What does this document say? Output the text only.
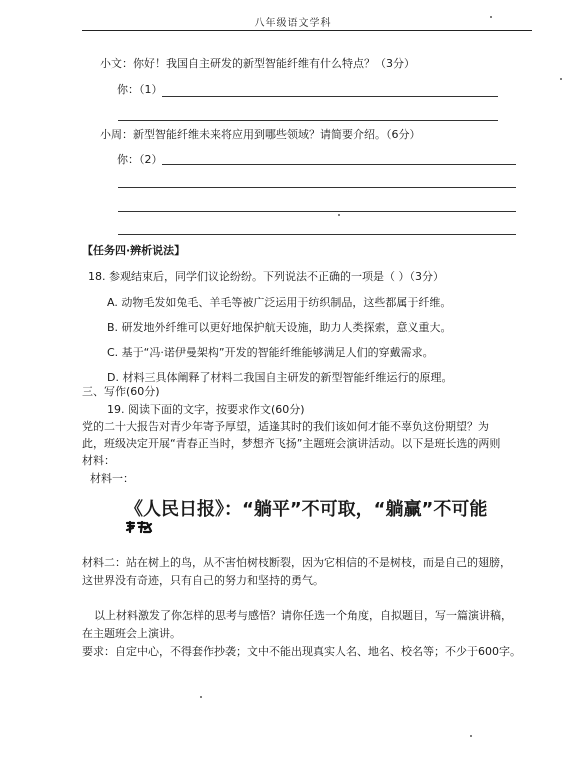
八年级语文学科
小文：你好！我国自主研发的新型智能纤维有什么特点？（3分）
你：（1）
小周：新型智能纤维未来将应用到哪些领域？请简要介绍。（6分）
你：（2）
【任务四·辨析说法】
18. 参观结束后，同学们议论纷纷。下列说法不正确的一项是（ ）（3分）
A. 动物毛发如兔毛、羊毛等被广泛运用于纺织制品，这些都属于纤维。
B. 研发地外纤维可以更好地保护航天设施，助力人类探索，意义重大。
C. 基于“冯·诺伊曼架构”开发的智能纤维能够满足人们的穿戴需求。
D. 材料三具体阐释了材料二我国自主研发的新型智能纤维运行的原理。
三、写作(60分)
19. 阅读下面的文字，按要求作文(60分)
党的二十大报告对青少年寄予厚望，适逢其时的我们该如何才能不辜负这份期望？为
此，班级决定开展“青春正当时，梦想齐飞扬”主题班会演讲活动。以下是班长选的两则
材料：
材料一：
《人民日报》：“躺平”不可取，“躺赢”不可能
材料二：站在树上的鸟，从不害怕树枝断裂，因为它相信的不是树枝，而是自己的翅膀，
这世界没有奇迹，只有自己的努力和坚持的勇气。
以上材料激发了你怎样的思考与感悟？请你任选一个角度，自拟题目，写一篇演讲稿，
在主题班会上演讲。
要求：自定中心，不得套作抄袭；文中不能出现真实人名、地名、校名等；不少于600字。
